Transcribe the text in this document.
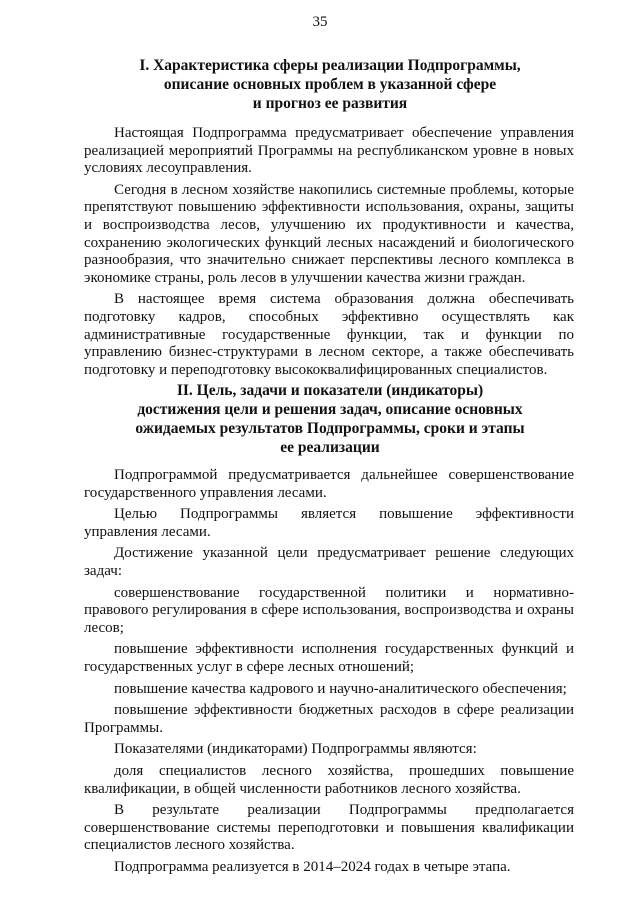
35
I. Характеристика сферы реализации Подпрограммы,
описание основных проблем в указанной сфере
и прогноз ее развития

Настоящая Подпрограмма предусматривает обеспечение управления реализацией мероприятий Программы на республиканском уровне в новых условиях лесоуправления.

Сегодня в лесном хозяйстве накопились системные проблемы, которые препятствуют повышению эффективности использования, охраны, защиты и воспроизводства лесов, улучшению их продуктивности и качества, сохранению экологических функций лесных насаждений и биологического разнообразия, что значительно снижает перспективы лесного комплекса в экономике страны, роль лесов в улучшении качества жизни граждан.

В настоящее время система образования должна обеспечивать подготовку кадров, способных эффективно осуществлять как административные государственные функции, так и функции по управлению бизнес-структурами в лесном секторе, а также обеспечивать подготовку и переподготовку высококвалифицированных специалистов.

II. Цель, задачи и показатели (индикаторы)
достижения цели и решения задач, описание основных
ожидаемых результатов Подпрограммы, сроки и этапы
ее реализации

Подпрограммой предусматривается дальнейшее совершенствование государственного управления лесами.

Целью Подпрограммы является повышение эффективности управления лесами.

Достижение указанной цели предусматривает решение следующих задач:

совершенствование государственной политики и нормативно-правового регулирования в сфере использования, воспроизводства и охраны лесов;

повышение эффективности исполнения государственных функций и государственных услуг в сфере лесных отношений;

повышение качества кадрового и научно-аналитического обеспечения;

повышение эффективности бюджетных расходов в сфере реализации Программы.

Показателями (индикаторами) Подпрограммы являются:

доля специалистов лесного хозяйства, прошедших повышение квалификации, в общей численности работников лесного хозяйства.

В результате реализации Подпрограммы предполагается совершенствование системы переподготовки и повышения квалификации специалистов лесного хозяйства.

Подпрограмма реализуется в 2014–2024 годах в четыре этапа.
